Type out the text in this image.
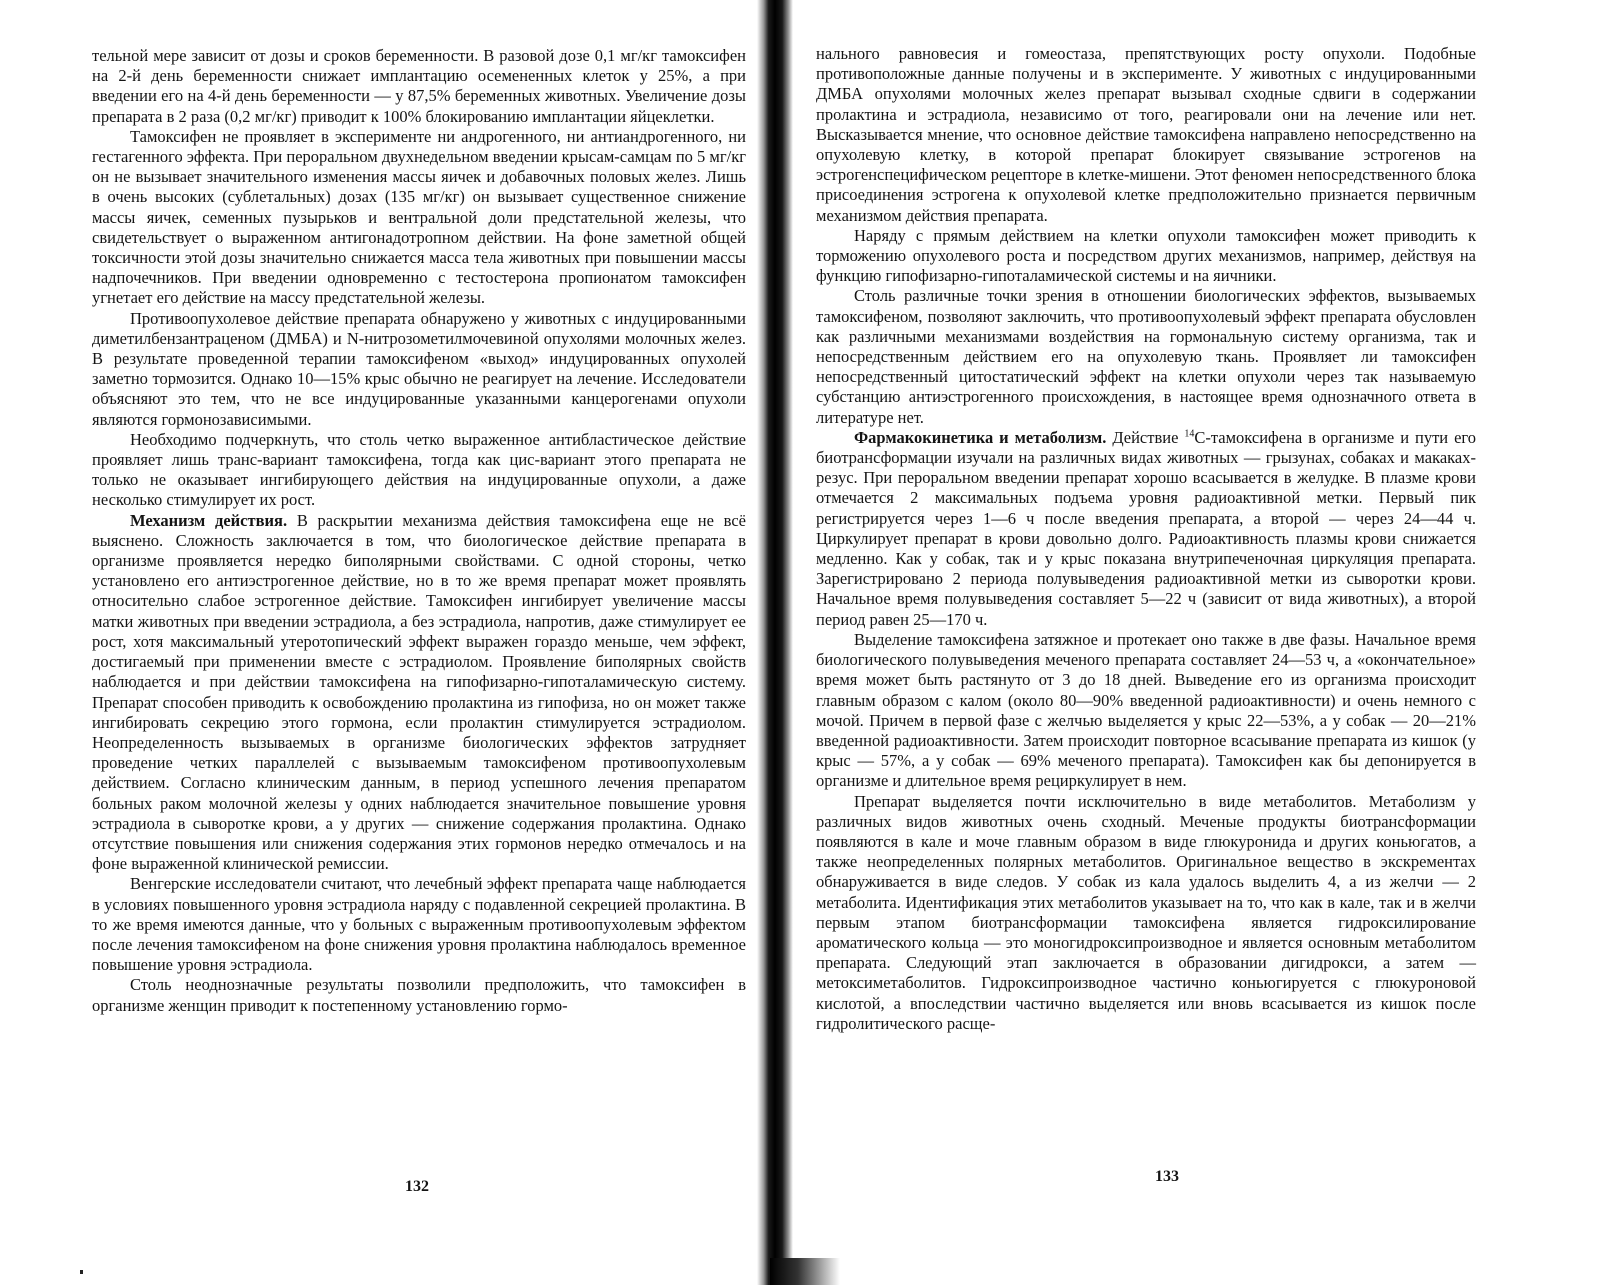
тельной мере зависит от дозы и сроков беременности. В разовой дозе 0,1 мг/кг тамоксифен на 2-й день беременности снижает имплантацию осемененных клеток у 25%, а при введении его на 4-й день беременности — у 87,5% беременных животных. Увеличение дозы препарата в 2 раза (0,2 мг/кг) приводит к 100% блокированию имплантации яйцеклетки.

Тамоксифен не проявляет в эксперименте ни андрогенного, ни антиандрогенного, ни гестагенного эффекта. При пероральном двухнедельном введении крысам-самцам по 5 мг/кг он не вызывает значительного изменения массы яичек и добавочных половых желез. Лишь в очень высоких (сублетальных) дозах (135 мг/кг) он вызывает существенное снижение массы яичек, семенных пузырьков и вентральной доли предстательной железы, что свидетельствует о выраженном антигонадотропном действии. На фоне заметной общей токсичности этой дозы значительно снижается масса тела животных при повышении массы надпочечников. При введении одновременно с тестостерона пропионатом тамоксифен угнетает его действие на массу предстательной железы.

Противоопухолевое действие препарата обнаружено у животных с индуцированными диметилбензантраценом (ДМБА) и N-нитрозометилмочевиной опухолями молочных желез. В результате проведенной терапии тамоксифеном «выход» индуцированных опухолей заметно тормозится. Однако 10—15% крыс обычно не реагирует на лечение. Исследователи объясняют это тем, что не все индуцированные указанными канцерогенами опухоли являются гормонозависимыми.

Необходимо подчеркнуть, что столь четко выраженное антибластическое действие проявляет лишь транс-вариант тамоксифена, тогда как цис-вариант этого препарата не только не оказывает ингибирующего действия на индуцированные опухоли, а даже несколько стимулирует их рост.

Механизм действия. В раскрытии механизма действия тамоксифена еще не всё выяснено. Сложность заключается в том, что биологическое действие препарата в организме проявляется нередко биполярными свойствами. С одной стороны, четко установлено его антиэстрогенное действие, но в то же время препарат может проявлять относительно слабое эстрогенное действие. Тамоксифен ингибирует увеличение массы матки животных при введении эстрадиола, а без эстрадиола, напротив, даже стимулирует ее рост, хотя максимальный утеротопический эффект выражен гораздо меньше, чем эффект, достигаемый при применении вместе с эстрадиолом. Проявление биполярных свойств наблюдается и при действии тамоксифена на гипофизарно-гипоталамическую систему. Препарат способен приводить к освобождению пролактина из гипофиза, но он может также ингибировать секрецию этого гормона, если пролактин стимулируется эстрадиолом. Неопределенность вызываемых в организме биологических эффектов затрудняет проведение четких параллелей с вызываемым тамоксифеном противоопухолевым действием. Согласно клиническим данным, в период успешного лечения препаратом больных раком молочной железы у одних наблюдается значительное повышение уровня эстрадиола в сыворотке крови, а у других — снижение содержания пролактина. Однако отсутствие повышения или снижения содержания этих гормонов нередко отмечалось и на фоне выраженной клинической ремиссии.

Венгерские исследователи считают, что лечебный эффект препарата чаще наблюдается в условиях повышенного уровня эстрадиола наряду с подавленной секрецией пролактина. В то же время имеются данные, что у больных с выраженным противоопухолевым эффектом после лечения тамоксифеном на фоне снижения уровня пролактина наблюдалось временное повышение уровня эстрадиола.

Столь неоднозначные результаты позволили предположить, что тамоксифен в организме женщин приводит к постепенному установлению гормо-

132

нального равновесия и гомеостаза, препятствующих росту опухоли. Подобные противоположные данные получены и в эксперименте. У животных с индуцированными ДМБА опухолями молочных желез препарат вызывал сходные сдвиги в содержании пролактина и эстрадиола, независимо от того, реагировали они на лечение или нет. Высказывается мнение, что основное действие тамоксифена направлено непосредственно на опухолевую клетку, в которой препарат блокирует связывание эстрогенов на эстрогенспецифическом рецепторе в клетке-мишени. Этот феномен непосредственного блока присоединения эстрогена к опухолевой клетке предположительно признается первичным механизмом действия препарата.

Наряду с прямым действием на клетки опухоли тамоксифен может приводить к торможению опухолевого роста и посредством других механизмов, например, действуя на функцию гипофизарно-гипоталамической системы и на яичники.

Столь различные точки зрения в отношении биологических эффектов, вызываемых тамоксифеном, позволяют заключить, что противоопухолевый эффект препарата обусловлен как различными механизмами воздействия на гормональную систему организма, так и непосредственным действием его на опухолевую ткань. Проявляет ли тамоксифен непосредственный цитостатический эффект на клетки опухоли через так называемую субстанцию антиэстрогенного происхождения, в настоящее время однозначного ответа в литературе нет.

Фармакокинетика и метаболизм. Действие $^{14}$С-тамоксифена в организме и пути его биотрансформации изучали на различных видах животных — грызунах, собаках и макаках-резус. При пероральном введении препарат хорошо всасывается в желудке. В плазме крови отмечается 2 максимальных подъема уровня радиоактивной метки. Первый пик регистрируется через 1—6 ч после введения препарата, а второй — через 24—44 ч. Циркулирует препарат в крови довольно долго. Радиоактивность плазмы крови снижается медленно. Как у собак, так и у крыс показана внутрипеченочная циркуляция препарата. Зарегистрировано 2 периода полувыведения радиоактивной метки из сыворотки крови. Начальное время полувыведения составляет 5—22 ч (зависит от вида животных), а второй период равен 25—170 ч.

Выделение тамоксифена затяжное и протекает оно также в две фазы. Начальное время биологического полувыведения меченого препарата составляет 24—53 ч, а «окончательное» время может быть растянуто от 3 до 18 дней. Выведение его из организма происходит главным образом с калом (около 80—90% введенной радиоактивности) и очень немного с мочой. Причем в первой фазе с желчью выделяется у крыс 22—53%, а у собак — 20—21% введенной радиоактивности. Затем происходит повторное всасывание препарата из кишок (у крыс — 57%, а у собак — 69% меченого препарата). Тамоксифен как бы депонируется в организме и длительное время рециркулирует в нем.

Препарат выделяется почти исключительно в виде метаболитов. Метаболизм у различных видов животных очень сходный. Меченые продукты биотрансформации появляются в кале и моче главным образом в виде глюкуронида и других коньюгатов, а также неопределенных полярных метаболитов. Оригинальное вещество в экскрементах обнаруживается в виде следов. У собак из кала удалось выделить 4, а из желчи — 2 метаболита. Идентификация этих метаболитов указывает на то, что как в кале, так и в желчи первым этапом биотрансформации тамоксифена является гидроксилирование ароматического кольца — это моногидроксипроизводное и является основным метаболитом препарата. Следующий этап заключается в образовании дигидрокси, а затем — метоксиметаболитов. Гидроксипроизводное частично коньюгируется с глюкуроновой кислотой, а впоследствии частично выделяется или вновь всасывается из кишок после гидролитического расще-

133
